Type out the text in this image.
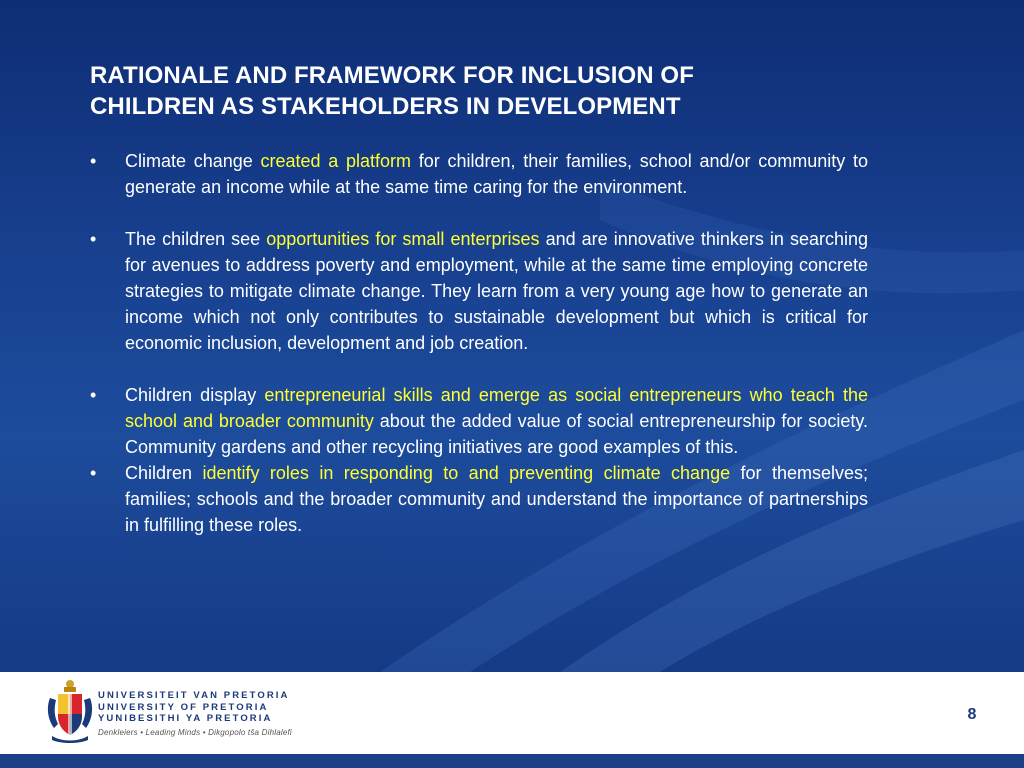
RATIONALE AND FRAMEWORK FOR INCLUSION OF
CHILDREN AS STAKEHOLDERS IN DEVELOPMENT
• Climate change created a platform for children, their families, school and/or community to generate an income while at the same time caring for the environment.
• The children see opportunities for small enterprises and are innovative thinkers in searching for avenues to address poverty and employment, while at the same time employing concrete strategies to mitigate climate change. They learn from a very young age how to generate an income which not only contributes to sustainable development but which is critical for economic inclusion, development and job creation.
• Children display entrepreneurial skills and emerge as social entrepreneurs who teach the school and broader community about the added value of social entrepreneurship for society. Community gardens and other recycling initiatives are good examples of this.
• Children identify roles in responding to and preventing climate change for themselves; families; schools and the broader community and understand the importance of partnerships in fulfilling these roles.
UNIVERSITEIT VAN PRETORIA
UNIVERSITY OF PRETORIA
YUNIBESITHI YA PRETORIA
Denkleiers • Leading Minds • Dikgopolo tša Dihlalefi
8
